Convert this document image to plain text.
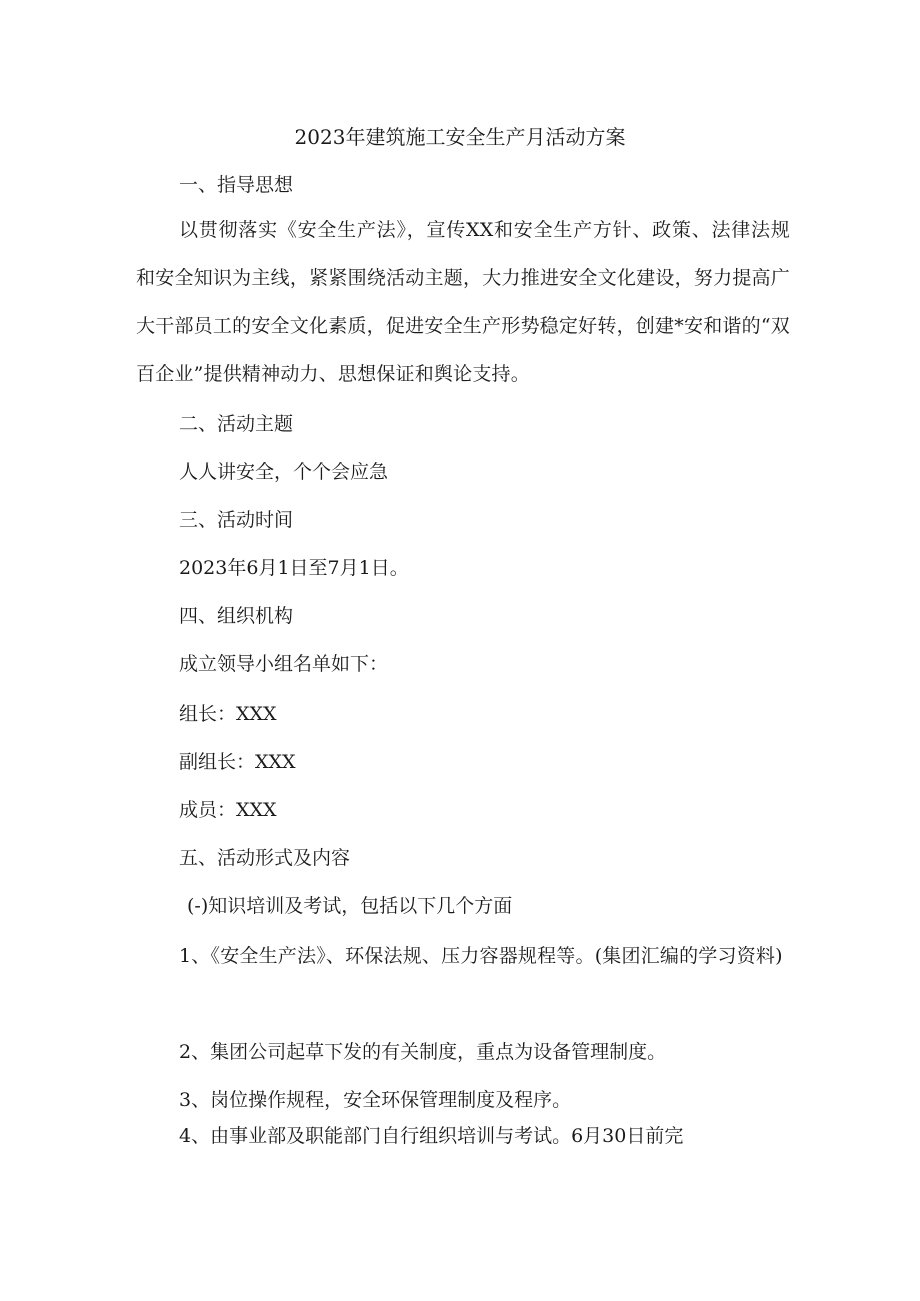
2023年建筑施工安全生产月活动方案
一、指导思想
以贯彻落实《安全生产法》，宣传XX和安全生产方针、政策、法律法规和安全知识为主线，紧紧围绕活动主题，大力推进安全文化建设，努力提高广大干部员工的安全文化素质，促进安全生产形势稳定好转，创建*安和谐的“双百企业”提供精神动力、思想保证和舆论支持。
二、活动主题
人人讲安全，个个会应急
三、活动时间
2023年6月1日至7月1日。
四、组织机构
成立领导小组名单如下：
组长：XXX
副组长：XXX
成员：XXX
五、活动形式及内容
(-)知识培训及考试，包括以下几个方面
1、《安全生产法》、环保法规、压力容器规程等。(集团汇编的学习资料)
2、集团公司起草下发的有关制度，重点为设备管理制度。
3、岗位操作规程，安全环保管理制度及程序。
4、由事业部及职能部门自行组织培训与考试。6月30日前完
